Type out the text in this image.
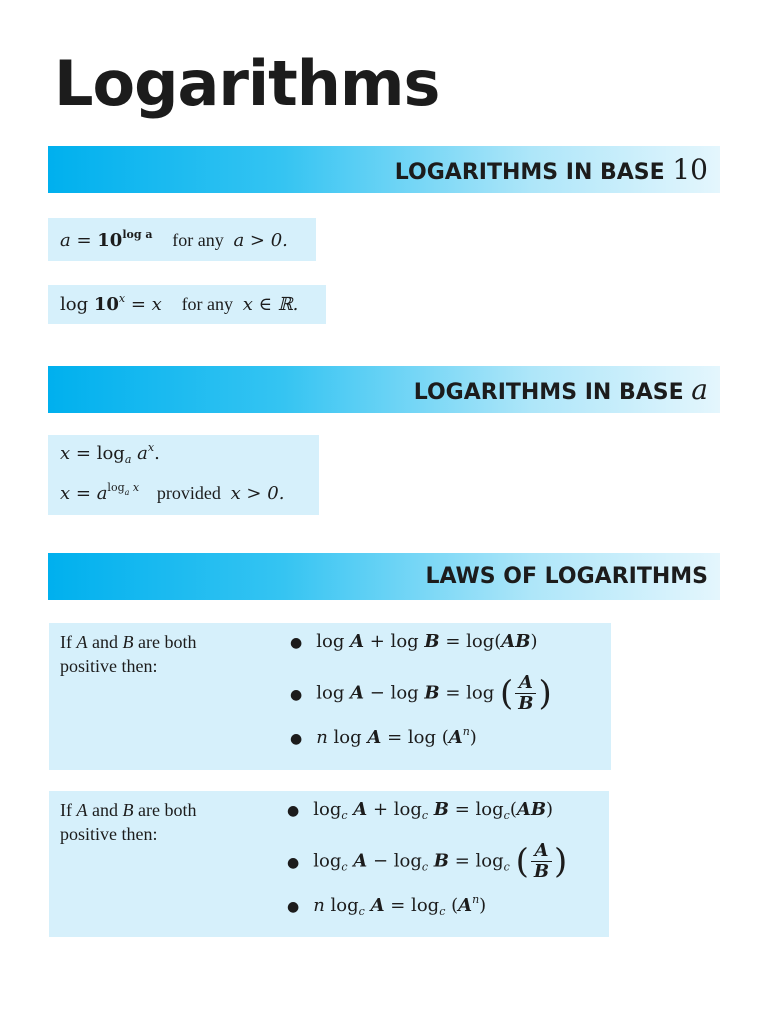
Logarithms
LOGARITHMS IN BASE 10
$a = 10^{log a}$ for any a > 0.
$\log 10^x = x$ for any x ∈ ℝ.
LOGARITHMS IN BASE a
$x = \log_a a^x$.
$x = a^{log_a x}$ provided x > 0.
LAWS OF LOGARITHMS
If A and B are both
positive then:
● log A + log B = log(AB)
● log A − log B = log ( $\frac{A}{B}$ )
● n $\log A = \log (A^n)$
If A and B are both
positive then:
● $\log_c A + \log_c B = \log_c(AB)$
● $\log_c A - \log_c B = \log_c$ ( $\frac{A}{B}$ )
● n $\log_c A = \log_c (A^n)$
